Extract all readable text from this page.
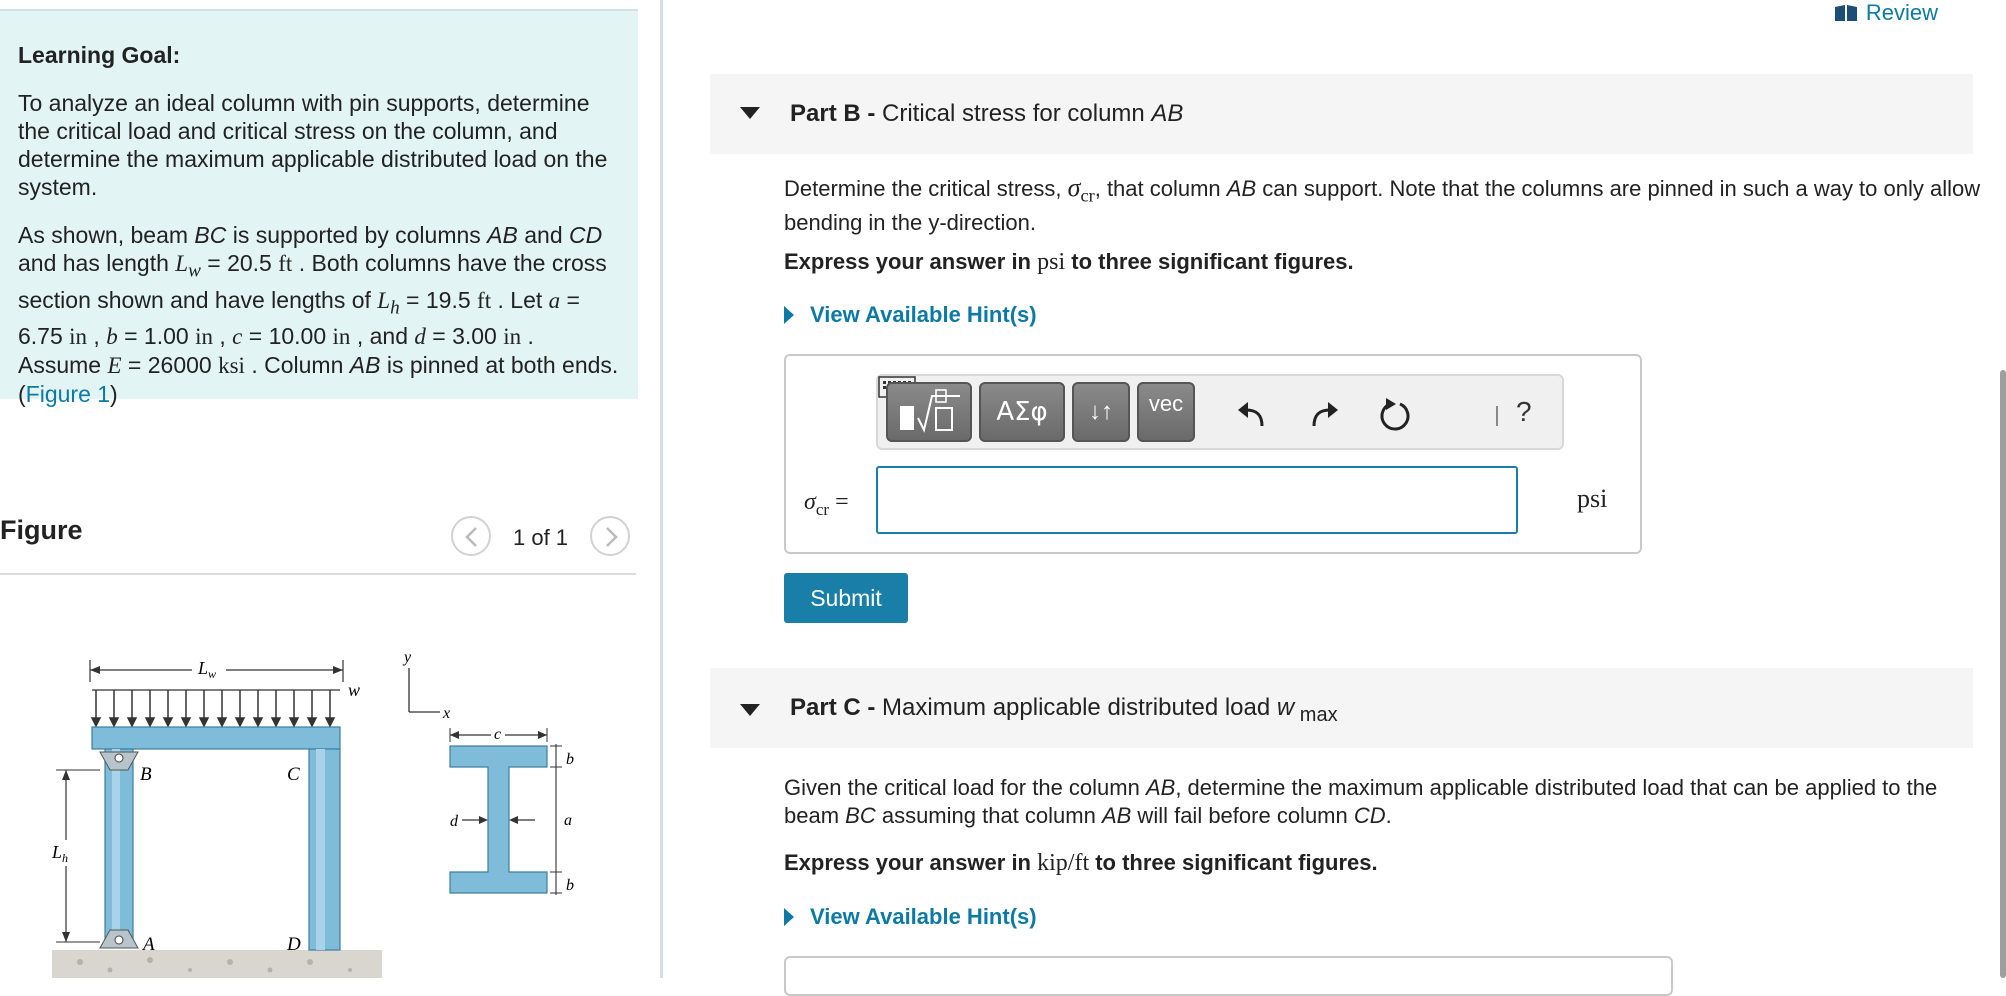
Learning Goal:

To analyze an ideal column with pin supports, determine the critical load and critical stress on the column, and determine the maximum applicable distributed load on the system.

As shown, beam BC is supported by columns AB and CD and has length $L_w = 20.5$ ft . Both columns have the cross section shown and have lengths of $L_h = 19.5$ ft . Let a = 6.75 in , b = 1.00 in , c = 10.00 in , and d = 3.00 in . Assume E = 26000 ksi . Column AB is pinned at both ends.(Figure 1)

Figure	1 of 1
$L_w$
w
B	C
A	D
$L_h$
y
x
c
d
b
a
b
Review
Part B - Critical stress for column AB
Determine the critical stress, $\sigma_{cr}$, that column AB can support. Note that the columns are pinned in such a way to only allow bending in the y-direction.
Express your answer in psi to three significant figures.
View Available Hint(s)
ΑΣφ	↓↑	vec	?
$\sigma_{cr}$ =	psi
Submit
Part C - Maximum applicable distributed load w $_{max}$
Given the critical load for the column AB, determine the maximum applicable distributed load that can be applied to the beam BC assuming that column AB will fail before column CD.
Express your answer in kip/ft to three significant figures.
View Available Hint(s)
